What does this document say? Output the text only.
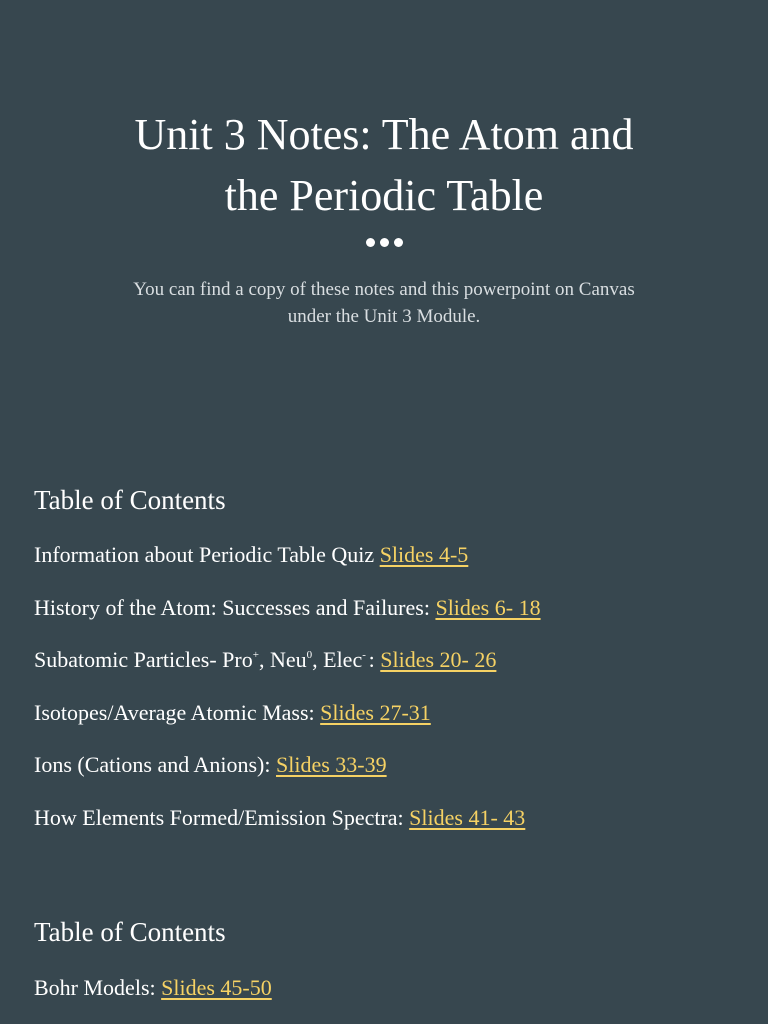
Unit 3 Notes: The Atom and
the Periodic Table

You can find a copy of these notes and this powerpoint on Canvas
under the Unit 3 Module.

Table of Contents
Information about Periodic Table Quiz Slides 4-5
History of the Atom: Successes and Failures: Slides 6- 18
Subatomic Particles- Pro+, Neu$^0$, Elec- : Slides 20- 26
Isotopes/Average Atomic Mass: Slides 27-31
Ions (Cations and Anions): Slides 33-39
How Elements Formed/Emission Spectra: Slides 41- 43
Table of Contents
Bohr Models: Slides 45-50
